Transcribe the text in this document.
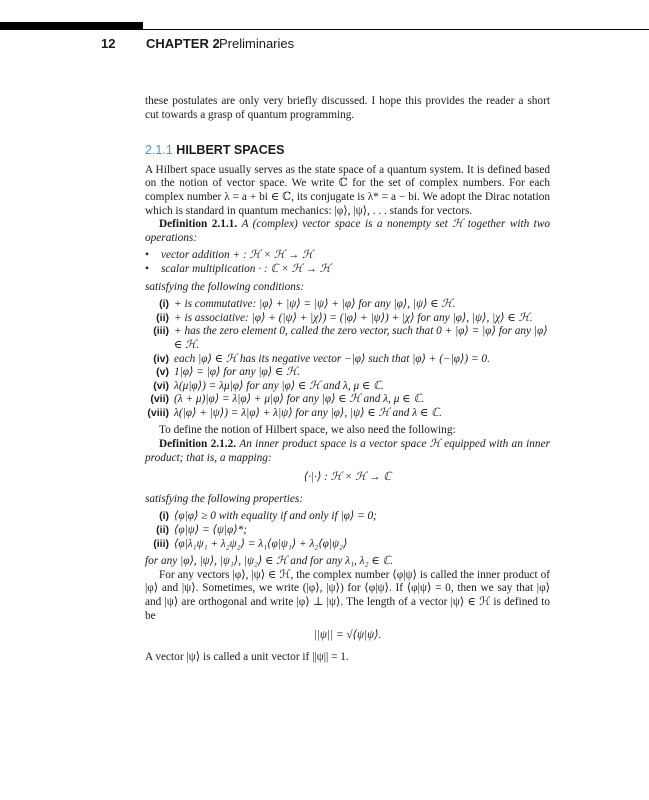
12 CHAPTER 2 Preliminaries

these postulates are only very briefly discussed. I hope this provides the reader a short cut towards a grasp of quantum programming.

2.1.1 HILBERT SPACES

A Hilbert space usually serves as the state space of a quantum system. It is defined based on the notion of vector space. We write ℂ for the set of complex numbers. For each complex number λ = a + bi ∈ ℂ, its conjugate is λ* = a − bi. We adopt the Dirac notation which is standard in quantum mechanics: |φ⟩, |ψ⟩, . . . stands for vectors.

Definition 2.1.1. A (complex) vector space is a nonempty set ℋ together with two operations:

• vector addition + : ℋ × ℋ → ℋ
• scalar multiplication · : ℂ × ℋ → ℋ

satisfying the following conditions:

(i) + is commutative: |φ⟩ + |ψ⟩ = |ψ⟩ + |φ⟩ for any |φ⟩, |ψ⟩ ∈ ℋ.
(ii) + is associative: |φ⟩ + (|ψ⟩ + |χ⟩) = (|φ⟩ + |ψ⟩) + |χ⟩ for any |φ⟩, |ψ⟩, |χ⟩ ∈ ℋ.
(iii) + has the zero element 0, called the zero vector, such that 0 + |φ⟩ = |φ⟩ for any |φ⟩ ∈ ℋ.
(iv) each |φ⟩ ∈ ℋ has its negative vector −|φ⟩ such that |φ⟩ + (−|φ⟩) = 0.
(v) 1|φ⟩ = |φ⟩ for any |φ⟩ ∈ ℋ.
(vi) λ(μ|φ⟩) = λμ|φ⟩ for any |φ⟩ ∈ ℋ and λ, μ ∈ ℂ.
(vii) (λ + μ)|φ⟩ = λ|φ⟩ + μ|φ⟩ for any |φ⟩ ∈ ℋ and λ, μ ∈ ℂ.
(viii) λ(|φ⟩ + |ψ⟩) = λ|φ⟩ + λ|ψ⟩ for any |φ⟩, |ψ⟩ ∈ ℋ and λ ∈ ℂ.

To define the notion of Hilbert space, we also need the following:

Definition 2.1.2. An inner product space is a vector space ℋ equipped with an inner product; that is, a mapping:

⟨·|·⟩ : ℋ × ℋ → ℂ

satisfying the following properties:

(i) ⟨φ|φ⟩ ≥ 0 with equality if and only if |φ⟩ = 0;
(ii) ⟨φ|ψ⟩ = ⟨ψ|φ⟩*;
(iii) ⟨φ|λ₁ψ₁ + λ₂ψ₂⟩ = λ₁⟨φ|ψ₁⟩ + λ₂⟨φ|ψ₂⟩

for any |φ⟩, |ψ⟩, |ψ₁⟩, |ψ₂⟩ ∈ ℋ and for any λ₁, λ₂ ∈ ℂ.

For any vectors |φ⟩, |ψ⟩ ∈ ℋ, the complex number ⟨φ|ψ⟩ is called the inner product of |φ⟩ and |ψ⟩. Sometimes, we write (|φ⟩, |ψ⟩) for ⟨φ|ψ⟩. If ⟨φ|ψ⟩ = 0, then we say that |φ⟩ and |ψ⟩ are orthogonal and write |φ⟩ ⊥ |ψ⟩. The length of a vector |ψ⟩ ∈ ℋ is defined to be

||ψ|| = √⟨ψ|ψ⟩.

A vector |ψ⟩ is called a unit vector if ||ψ|| = 1.
